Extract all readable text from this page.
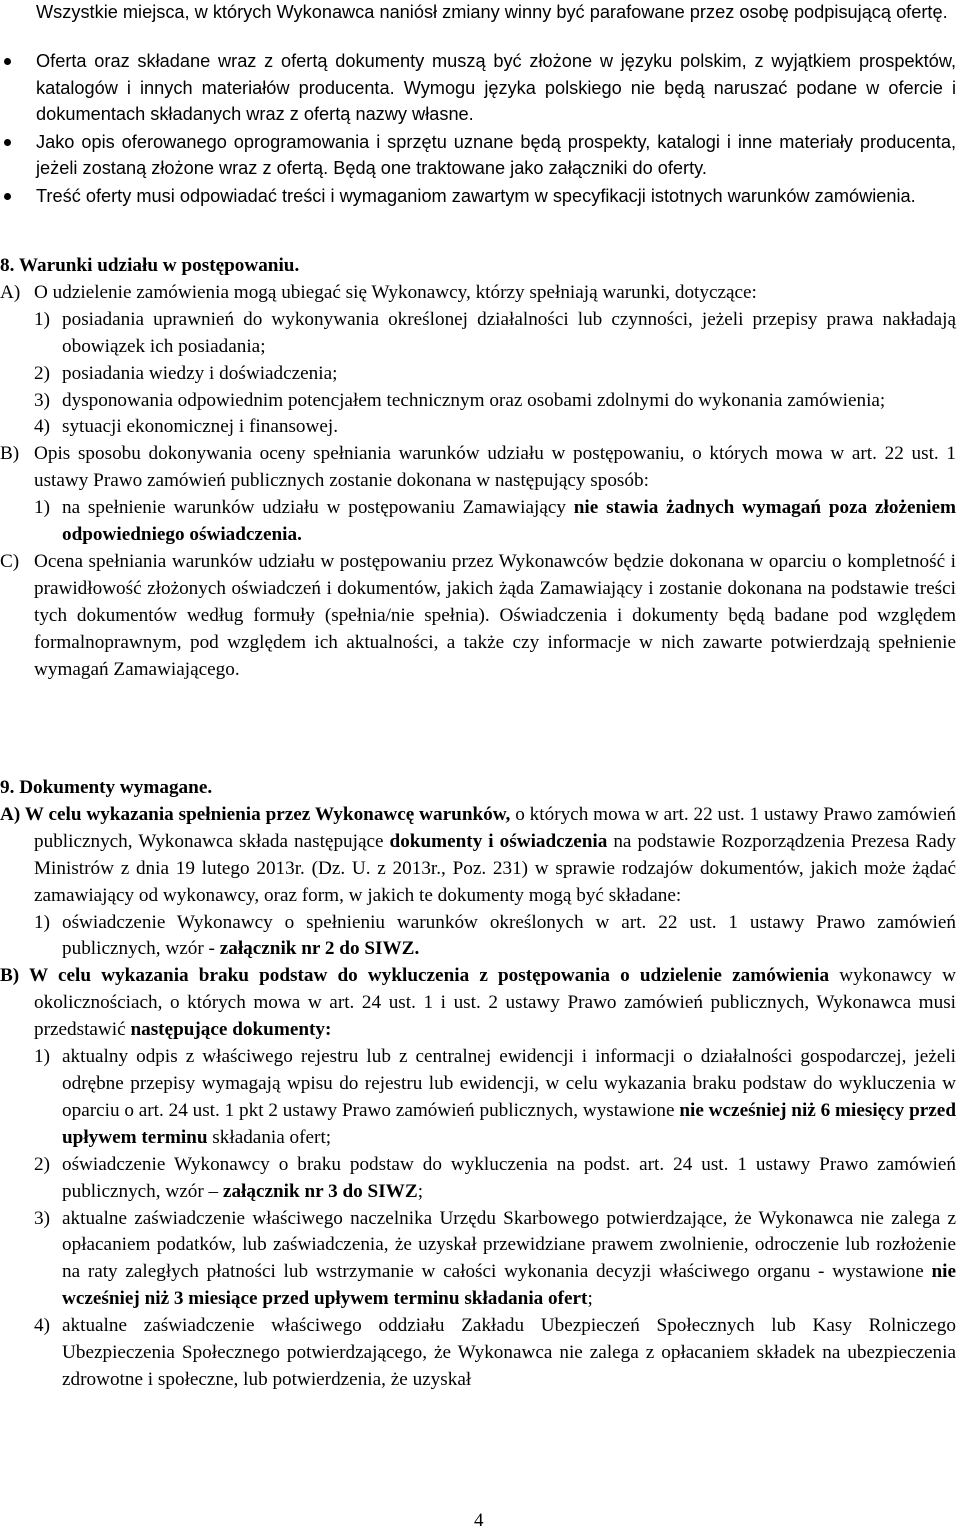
Wszystkie miejsca, w których Wykonawca naniósł zmiany winny być parafowane przez osobę podpisującą ofertę.
Oferta oraz składane wraz z ofertą dokumenty muszą być złożone w języku polskim, z wyjątkiem prospektów, katalogów i innych materiałów producenta. Wymogu języka polskiego nie będą naruszać podane w ofercie i dokumentach składanych wraz z ofertą nazwy własne.
Jako opis oferowanego oprogramowania i sprzętu uznane będą prospekty, katalogi i inne materiały producenta, jeżeli zostaną złożone wraz z ofertą. Będą one traktowane jako załączniki do oferty.
Treść oferty musi odpowiadać treści i wymaganiom zawartym w specyfikacji istotnych warunków zamówienia.
8. Warunki udziału w postępowaniu.
A) O udzielenie zamówienia mogą ubiegać się Wykonawcy, którzy spełniają warunki, dotyczące:
1) posiadania uprawnień do wykonywania określonej działalności lub czynności, jeżeli przepisy prawa nakładają obowiązek ich posiadania;
2) posiadania wiedzy i doświadczenia;
3) dysponowania odpowiednim potencjałem technicznym oraz osobami zdolnymi do wykonania zamówienia;
4) sytuacji ekonomicznej i finansowej.
B) Opis sposobu dokonywania oceny spełniania warunków udziału w postępowaniu, o których mowa w art. 22 ust. 1 ustawy Prawo zamówień publicznych zostanie dokonana w następujący sposób:
1) na spełnienie warunków udziału w postępowaniu Zamawiający nie stawia żadnych wymagań poza złożeniem odpowiedniego oświadczenia.
C) Ocena spełniania warunków udziału w postępowaniu przez Wykonawców będzie dokonana w oparciu o kompletność i prawidłowość złożonych oświadczeń i dokumentów, jakich żąda Zamawiający i zostanie dokonana na podstawie treści tych dokumentów według formuły (spełnia/nie spełnia). Oświadczenia i dokumenty będą badane pod względem formalnoprawnym, pod względem ich aktualności, a także czy informacje w nich zawarte potwierdzają spełnienie wymagań Zamawiającego.
9. Dokumenty wymagane.
A) W celu wykazania spełnienia przez Wykonawcę warunków, o których mowa w art. 22 ust. 1 ustawy Prawo zamówień publicznych, Wykonawca składa następujące dokumenty i oświadczenia na podstawie Rozporządzenia Prezesa Rady Ministrów z dnia 19 lutego 2013r. (Dz. U. z 2013r., Poz. 231) w sprawie rodzajów dokumentów, jakich może żądać zamawiający od wykonawcy, oraz form, w jakich te dokumenty mogą być składane:
1) oświadczenie Wykonawcy o spełnieniu warunków określonych w art. 22 ust. 1 ustawy Prawo zamówień publicznych, wzór - załącznik nr 2 do SIWZ.
B) W celu wykazania braku podstaw do wykluczenia z postępowania o udzielenie zamówienia wykonawcy w okolicznościach, o których mowa w art. 24 ust. 1 i ust. 2 ustawy Prawo zamówień publicznych, Wykonawca musi przedstawić następujące dokumenty:
1) aktualny odpis z właściwego rejestru lub z centralnej ewidencji i informacji o działalności gospodarczej, jeżeli odrębne przepisy wymagają wpisu do rejestru lub ewidencji, w celu wykazania braku podstaw do wykluczenia w oparciu o art. 24 ust. 1 pkt 2 ustawy Prawo zamówień publicznych, wystawione nie wcześniej niż 6 miesięcy przed upływem terminu składania ofert;
2) oświadczenie Wykonawcy o braku podstaw do wykluczenia na podst. art. 24 ust. 1 ustawy Prawo zamówień publicznych, wzór – załącznik nr 3 do SIWZ;
3) aktualne zaświadczenie właściwego naczelnika Urzędu Skarbowego potwierdzające, że Wykonawca nie zalega z opłacaniem podatków, lub zaświadczenia, że uzyskał przewidziane prawem zwolnienie, odroczenie lub rozłożenie na raty zaległych płatności lub wstrzymanie w całości wykonania decyzji właściwego organu - wystawione nie wcześniej niż 3 miesiące przed upływem terminu składania ofert;
4) aktualne zaświadczenie właściwego oddziału Zakładu Ubezpieczeń Społecznych lub Kasy Rolniczego Ubezpieczenia Społecznego potwierdzającego, że Wykonawca nie zalega z opłacaniem składek na ubezpieczenia zdrowotne i społeczne, lub potwierdzenia, że uzyskał
4
